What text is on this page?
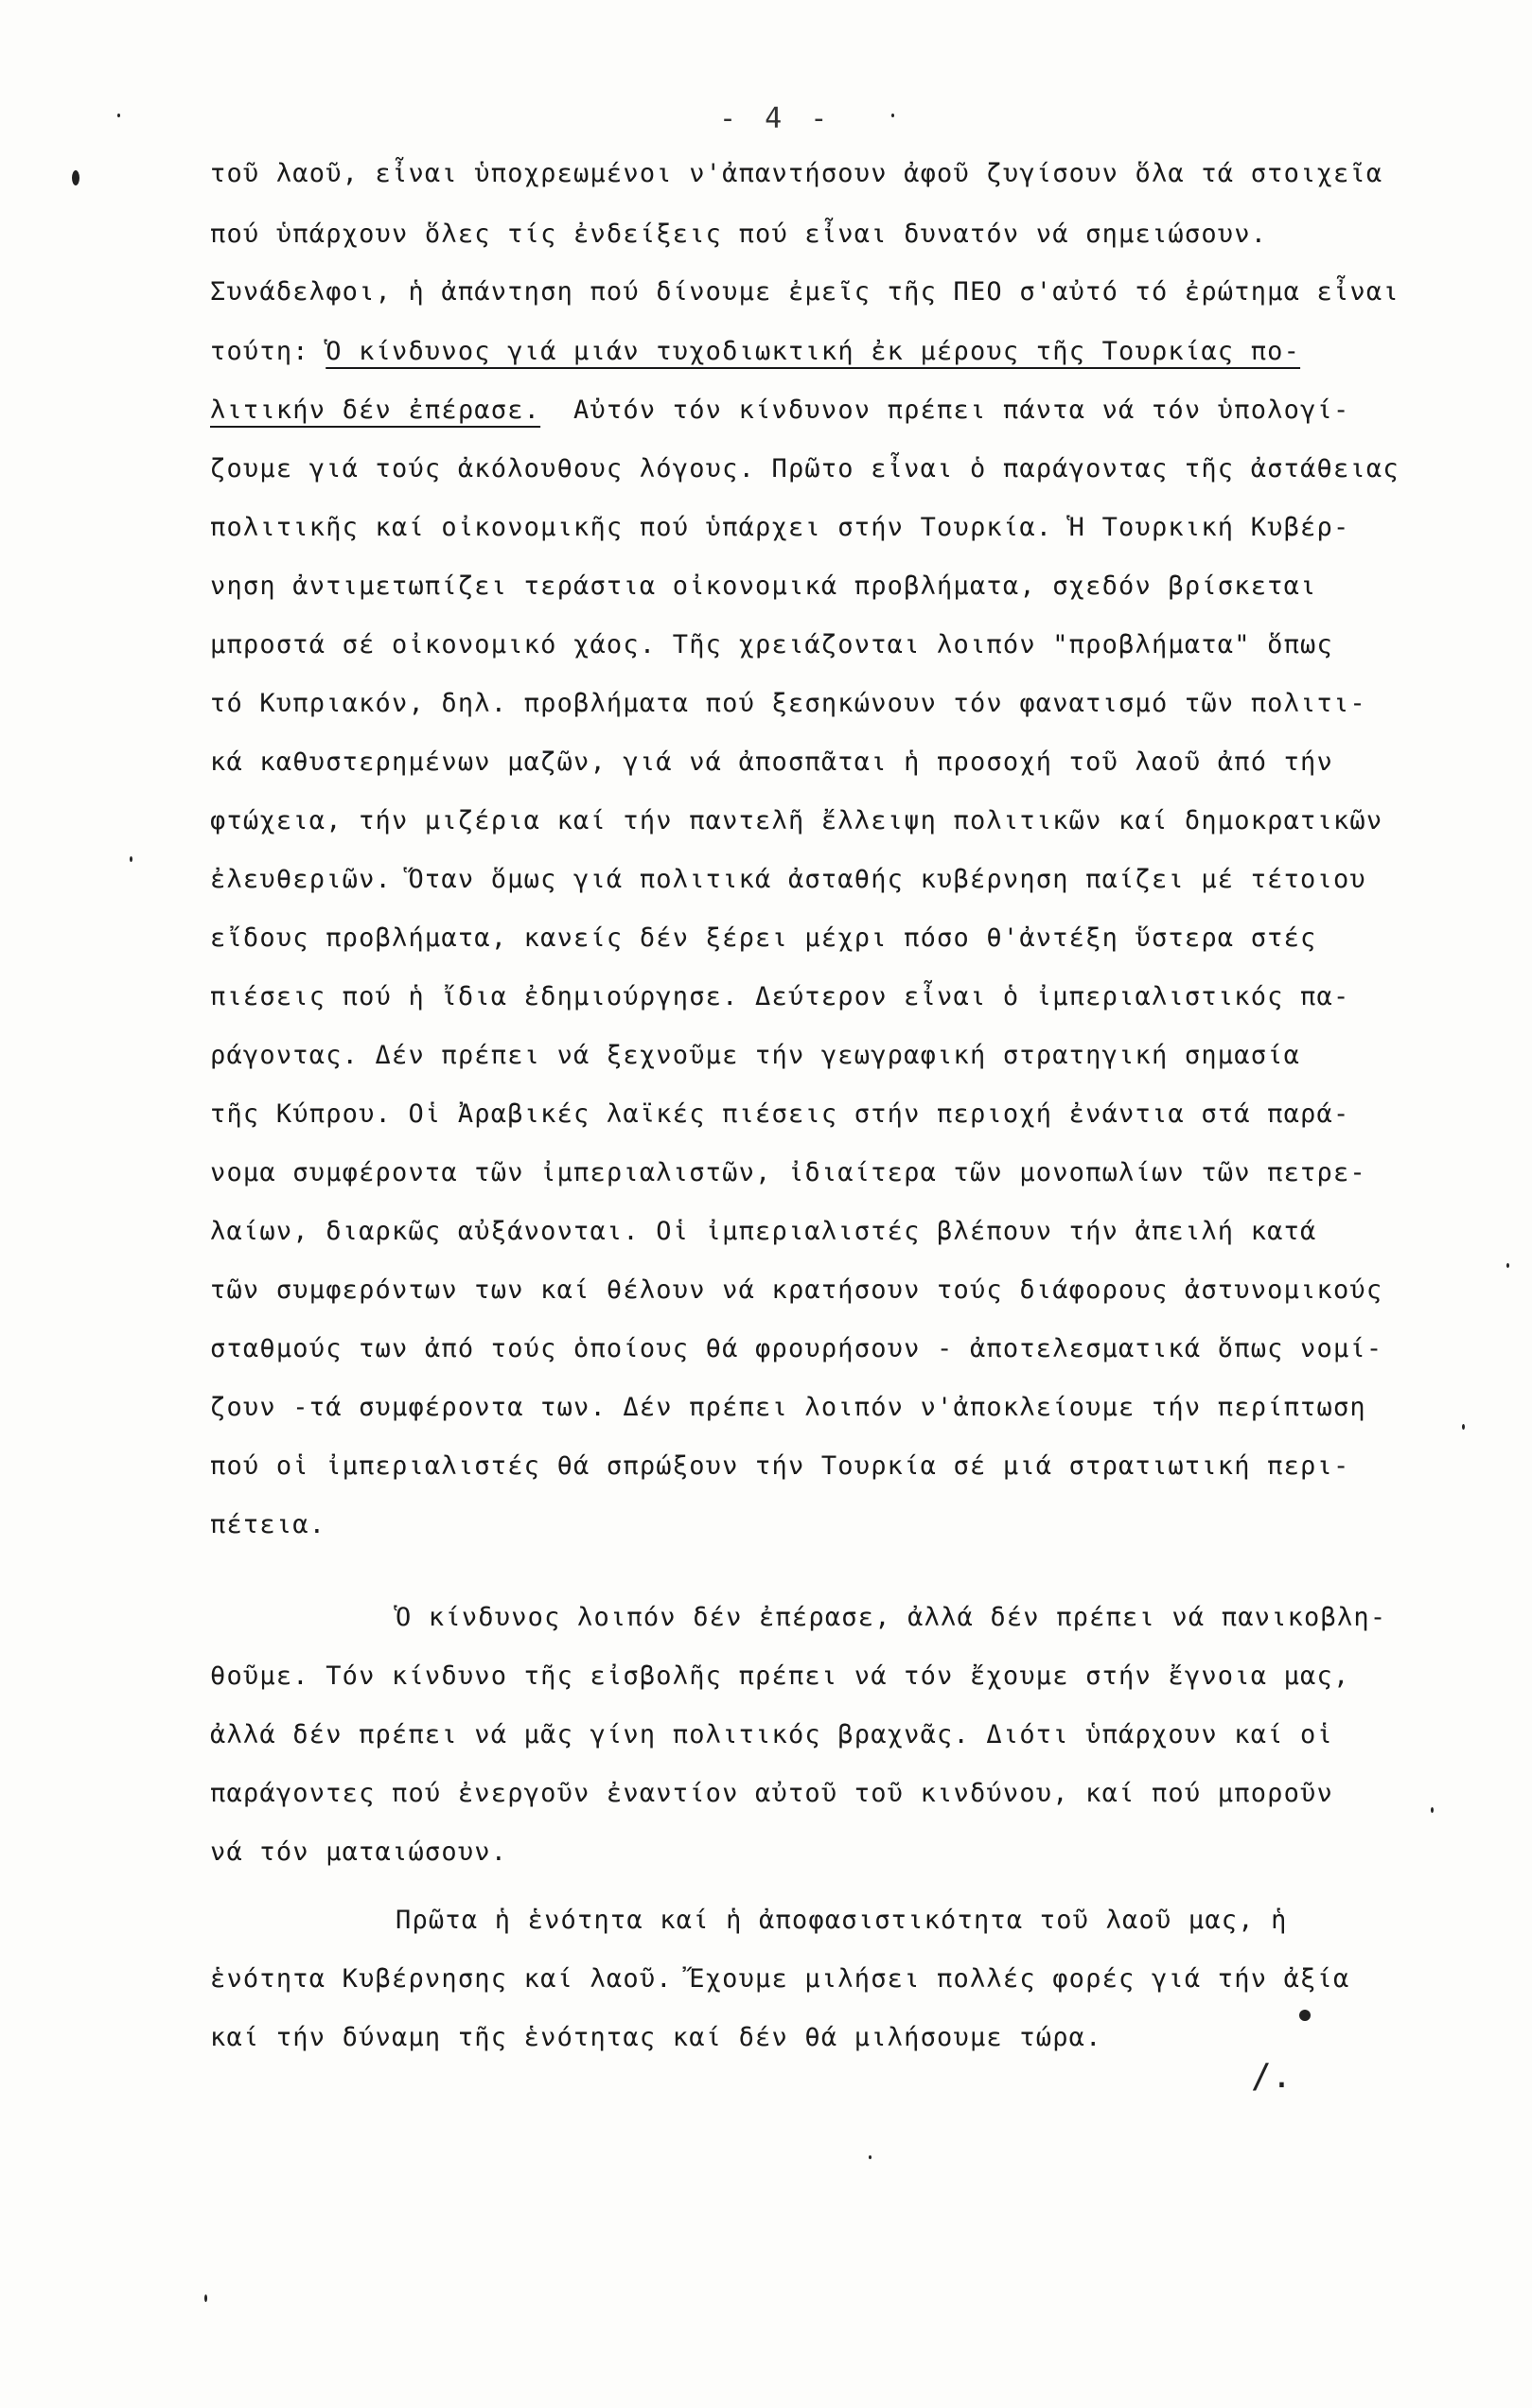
- 4 -
τοῦ λαοῦ, εἶναι ὑποχρεωμένοι ν'ἀπαντήσουν ἀφοῦ ζυγίσουν ὅλα τά στοιχεῖα
πού ὑπάρχουν ὅλες τίς ἐνδείξεις πού εἶναι δυνατόν νά σημειώσουν.
Συνάδελφοι, ἡ ἀπάντηση πού δίνουμε ἐμεῖς τῆς ΠΕΟ σ'αὐτό τό ἐρώτημα εἶναι
τούτη: Ὁ κίνδυνος γιά μιάν τυχοδιωκτική ἐκ μέρους τῆς Τουρκίας πο-
λιτικήν δέν ἐπέρασε. Αὐτόν τόν κίνδυνον πρέπει πάντα νά τόν ὑπολογί-
ζουμε γιά τούς ἀκόλουθους λόγους. Πρῶτο εἶναι ὁ παράγοντας τῆς ἀστάθειας
πολιτικῆς καί οἰκονομικῆς πού ὑπάρχει στήν Τουρκία. Ἡ Τουρκική Κυβέρ-
νηση ἀντιμετωπίζει τεράστια οἰκονομικά προβλήματα, σχεδόν βρίσκεται
μπροστά σέ οἰκονομικό χάος. Τῆς χρειάζονται λοιπόν "προβλήματα" ὅπως
τό Κυπριακόν, δηλ. προβλήματα πού ξεσηκώνουν τόν φανατισμό τῶν πολιτι-
κά καθυστερημένων μαζῶν, γιά νά ἀποσπᾶται ἡ προσοχή τοῦ λαοῦ ἀπό τήν
φτώχεια, τήν μιζέρια καί τήν παντελῆ ἔλλειψη πολιτικῶν καί δημοκρατικῶν
ἐλευθεριῶν. Ὅταν ὅμως γιά πολιτικά ἀσταθής κυβέρνηση παίζει μέ τέτοιου
εἴδους προβλήματα, κανείς δέν ξέρει μέχρι πόσο θ'ἀντέξη ὕστερα στές
πιέσεις πού ἡ ἴδια ἐδημιούργησε. Δεύτερον εἶναι ὁ ἰμπεριαλιστικός πα-
ράγοντας. Δέν πρέπει νά ξεχνοῦμε τήν γεωγραφική στρατηγική σημασία
τῆς Κύπρου. Οἱ Ἀραβικές λαϊκές πιέσεις στήν περιοχή ἐνάντια στά παρά-
νομα συμφέροντα τῶν ἰμπεριαλιστῶν, ἰδιαίτερα τῶν μονοπωλίων τῶν πετρε-
λαίων, διαρκῶς αὐξάνονται. Οἱ ἰμπεριαλιστές βλέπουν τήν ἀπειλή κατά
τῶν συμφερόντων των καί θέλουν νά κρατήσουν τούς διάφορους ἀστυνομικούς
σταθμούς των ἀπό τούς ὁποίους θά φρουρήσουν - ἀποτελεσματικά ὅπως νομί-
ζουν -τά συμφέροντα των. Δέν πρέπει λοιπόν ν'ἀποκλείουμε τήν περίπτωση
πού οἱ ἰμπεριαλιστές θά σπρώξουν τήν Τουρκία σέ μιά στρατιωτική περι-
πέτεια.
Ὁ κίνδυνος λοιπόν δέν ἐπέρασε, ἀλλά δέν πρέπει νά πανικοβλη-
θοῦμε. Τόν κίνδυνο τῆς εἰσβολῆς πρέπει νά τόν ἔχουμε στήν ἔγνοια μας,
ἀλλά δέν πρέπει νά μᾶς γίνη πολιτικός βραχνᾶς. Διότι ὑπάρχουν καί οἱ
παράγοντες πού ἐνεργοῦν ἐναντίον αὐτοῦ τοῦ κινδύνου, καί πού μποροῦν
νά τόν ματαιώσουν.
Πρῶτα ἡ ἑνότητα καί ἡ ἀποφασιστικότητα τοῦ λαοῦ μας, ἡ
ἑνότητα Κυβέρνησης καί λαοῦ. Ἔχουμε μιλήσει πολλές φορές γιά τήν ἀξία
καί τήν δύναμη τῆς ἑνότητας καί δέν θά μιλήσουμε τώρα.
/.
